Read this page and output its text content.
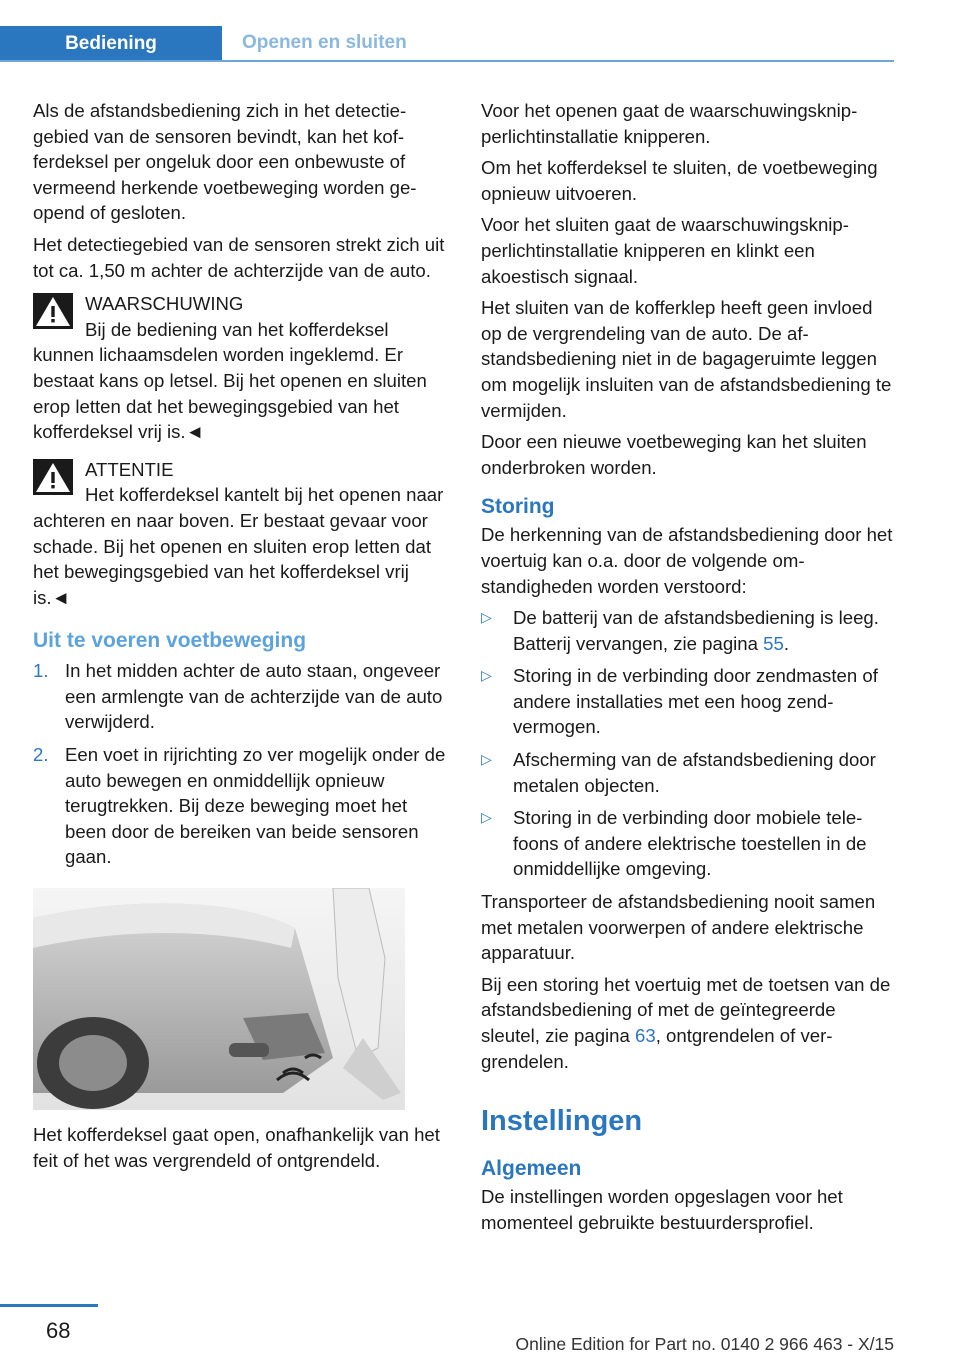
Bediening	Openen en sluiten

Als de afstandsbediening zich in het detectiegebied van de sensoren bevindt, kan het kofferdeksel per ongeluk door een onbewuste of vermeend herkende voetbeweging worden geopend of gesloten.

Het detectiegebied van de sensoren strekt zich uit tot ca. 1,50 m achter de achterzijde van de auto.

WAARSCHUWING
Bij de bediening van het kofferdeksel kunnen lichaamsdelen worden ingeklemd. Er bestaat kans op letsel. Bij het openen en sluiten erop letten dat het bewegingsgebied van het kofferdeksel vrij is.◄
ATTENTIE
Het kofferdeksel kantelt bij het openen naar achteren en naar boven. Er bestaat gevaar voor schade. Bij het openen en sluiten erop letten dat het bewegingsgebied van het kofferdeksel vrij is.◄
Uit te voeren voetbeweging
1. In het midden achter de auto staan, ongeveer een armlengte van de achterzijde van de auto verwijderd.
2. Een voet in rijrichting zo ver mogelijk onder de auto bewegen en onmiddellijk opnieuw terugtrekken. Bij deze beweging moet het been door de bereiken van beide sensoren gaan.

Het kofferdeksel gaat open, onafhankelijk van het feit of het was vergrendeld of ontgrendeld.

Voor het openen gaat de waarschuwingsknipperlichtinstallatie knipperen.

Om het kofferdeksel te sluiten, de voetbeweging opnieuw uitvoeren.

Voor het sluiten gaat de waarschuwingsknipperlichtinstallatie knipperen en klinkt een akoestisch signaal.

Het sluiten van de kofferklep heeft geen invloed op de vergrendeling van de auto. De afstandsbediening niet in de bagageruimte leggen om mogelijk insluiten van de afstandsbediening te vermijden.

Door een nieuwe voetbeweging kan het sluiten onderbroken worden.

Storing

De herkenning van de afstandsbediening door het voertuig kan o.a. door de volgende omstandigheden worden verstoord:

▷ De batterij van de afstandsbediening is leeg. Batterij vervangen, zie pagina 55.
▷ Storing in de verbinding door zendmasten of andere installaties met een hoog zendvermogen.
▷ Afscherming van de afstandsbediening door metalen objecten.
▷ Storing in de verbinding door mobiele telefoons of andere elektrische toestellen in de onmiddellijke omgeving.

Transporteer de afstandsbediening nooit samen met metalen voorwerpen of andere elektrische apparatuur.

Bij een storing het voertuig met de toetsen van de afstandsbediening of met de geïntegreerde sleutel, zie pagina 63, ontgrendelen of vergrendelen.

Instellingen
Algemeen

De instellingen worden opgeslagen voor het momenteel gebruikte bestuurdersprofiel.

68
Online Edition for Part no. 0140 2 966 463 - X/15
